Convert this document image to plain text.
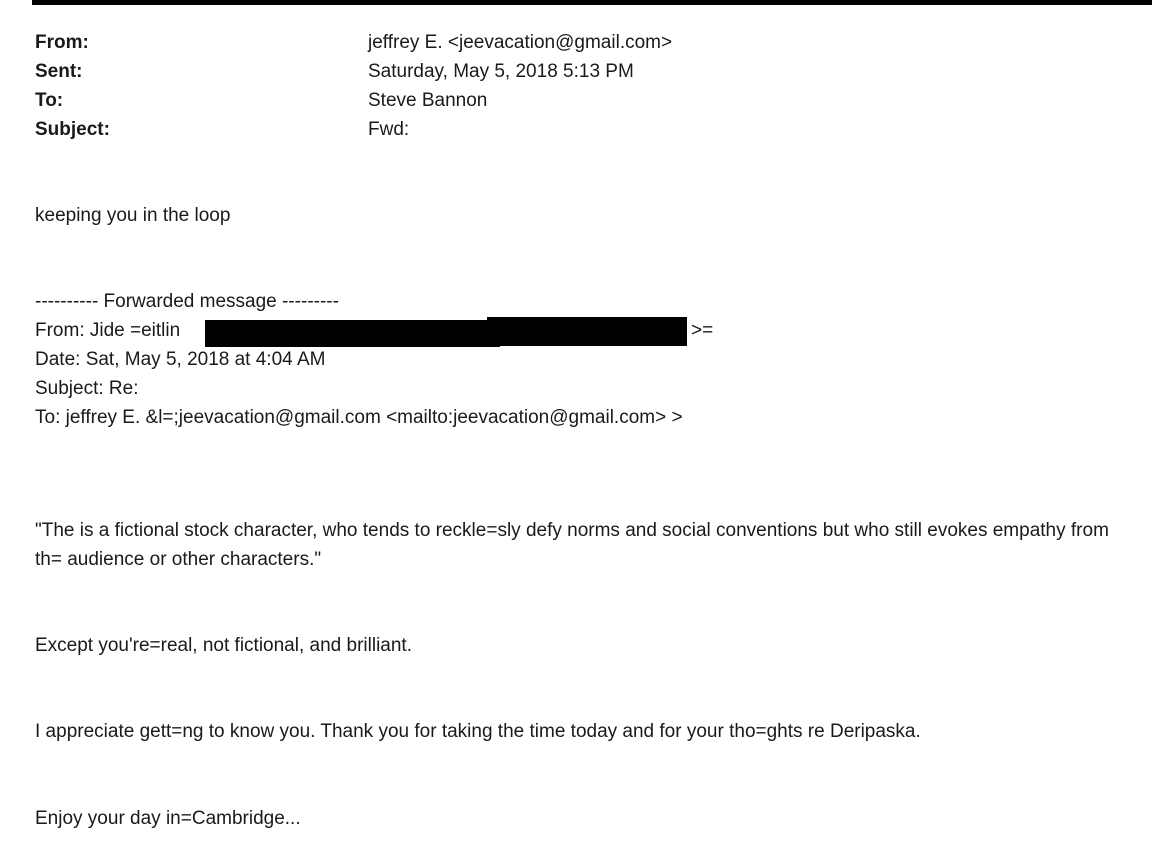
From:	jeffrey E. <jeevacation@gmail.com>
Sent:	Saturday, May 5, 2018 5:13 PM
To:	Steve Bannon
Subject:	Fwd:
keeping you in the loop
---------- Forwarded message ---------
From: Jide =eitlin	>=
Date: Sat, May 5, 2018 at 4:04 AM
Subject: Re:
To: jeffrey E. &l=;jeevacation@gmail.com <mailto:jeevacation@gmail.com> >
"The is a fictional stock character, who tends to reckle=sly defy norms and social conventions but who still evokes empathy from th= audience or other characters."
Except you're=real, not fictional, and brilliant.
I appreciate gett=ng to know you. Thank you for taking the time today and for your tho=ghts re Deripaska.
Enjoy your day in=Cambridge...
